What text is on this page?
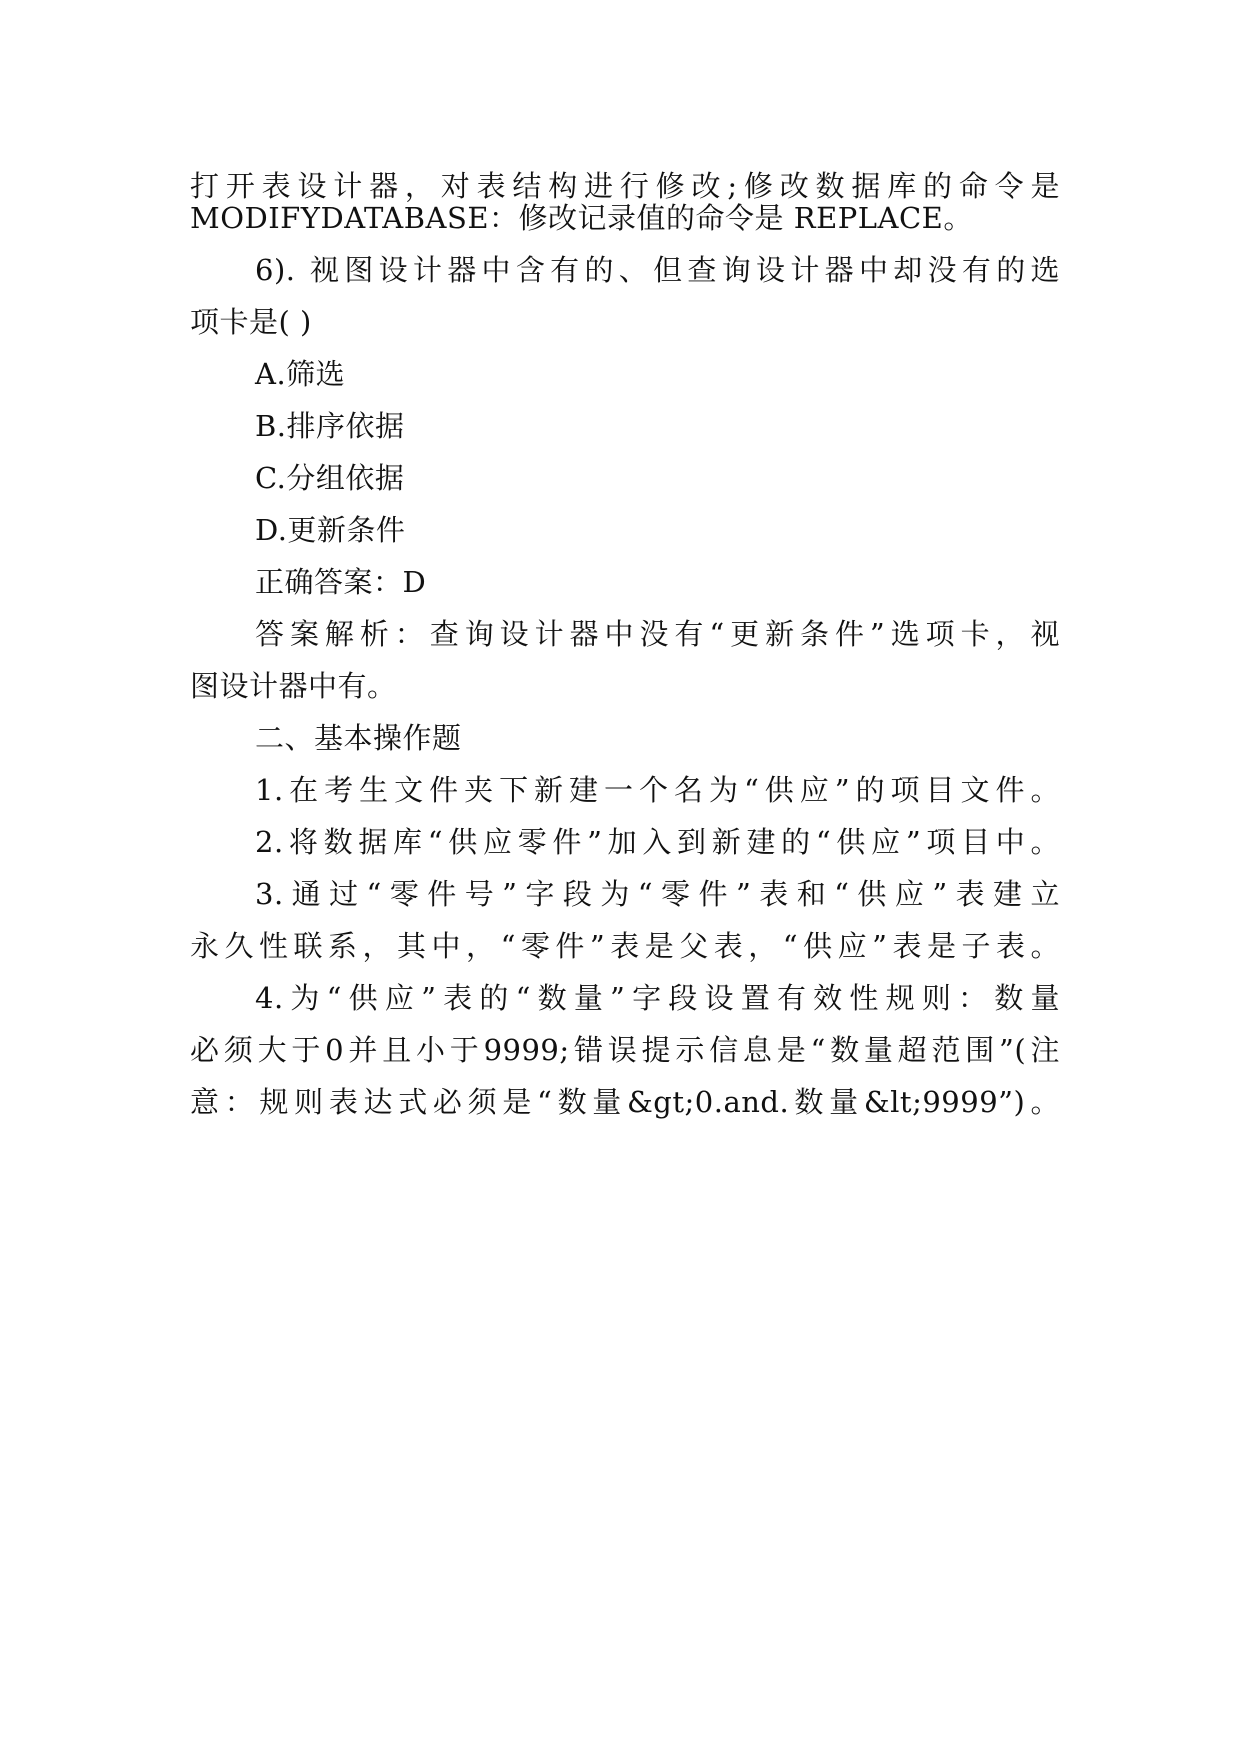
打开表设计器，对表结构进行修改;修改数据库的命令是
MODIFYDATABASE：修改记录值的命令是 REPLACE。
6). 视图设计器中含有的、但查询设计器中却没有的选
项卡是( )
A.筛选
B.排序依据
C.分组依据
D.更新条件
正确答案：D
答案解析：查询设计器中没有“更新条件”选项卡，视
图设计器中有。
二、基本操作题
1.在考生文件夹下新建一个名为“供应”的项目文件。
2.将数据库“供应零件”加入到新建的“供应”项目中。
3.通过“零件号”字段为“零件”表和“供应”表建立
永久性联系，其中，“零件”表是父表，“供应”表是子表。
4.为“供应”表的“数量”字段设置有效性规则：数量
必须大于0并且小于9999;错误提示信息是“数量超范围”(注
意：规则表达式必须是“数量&gt;0.and.数量&lt;9999”)。
